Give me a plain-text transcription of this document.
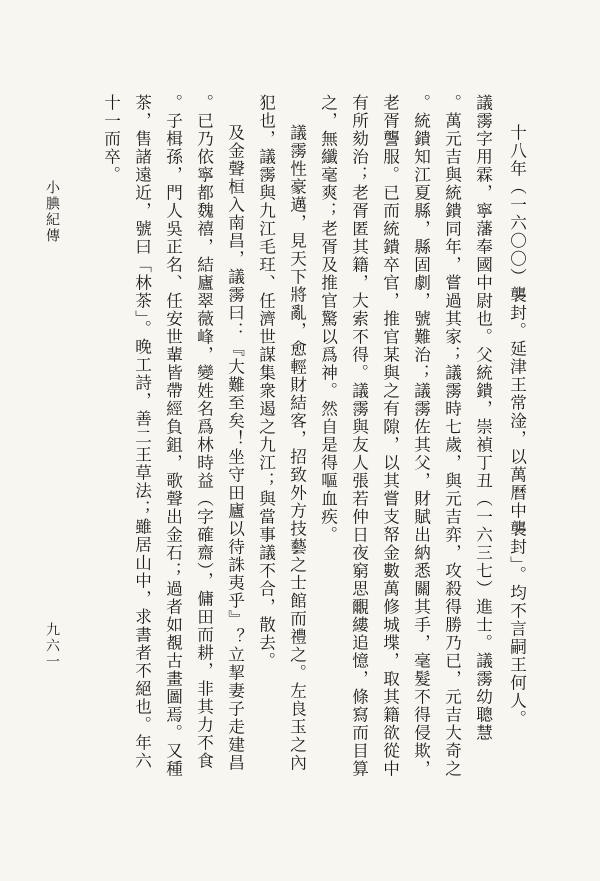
十八年（一六〇〇）襲封。延津王常淦，以萬曆中襲封」。均不言嗣王何人。
議霶字用霖，寧藩奉國中尉也。父統鐀，崇禎丁丑（一六三七）進士。議霶幼聰慧
。萬元吉與統鐀同年，嘗過其家；議霶時七歲，與元吉弈，攻殺得勝乃已，元吉大奇之
。統鐀知江夏縣，縣固劇，號難治；議霶佐其父，財賦出納悉關其手，毫髮不得侵欺，
老胥讋服。已而統鐀卒官，推官某與之有隙，以其嘗支帑金數萬修城堞，取其籍欲從中
有所劾治；老胥匿其籍，大索不得。議霶與友人張若仲日夜窮思覼縷追憶，條寫而目算
之，無纖毫爽；老胥及推官驚以爲神。然自是得嘔血疾。
議霶性豪邁，見天下將亂，愈輕財結客，招致外方技藝之士館而禮之。左良玉之內
犯也，議霶與九江毛玨、任濟世謀集衆遏之九江；與當事議不合，散去。
及金聲桓入南昌，議霶曰：『大難至矣！坐守田廬以待誅夷乎』？立挈妻子走建昌
。已乃依寧都魏禧，結廬翠薇峰，變姓名爲林時益（字確齋），傭田而耕，非其力不食
。子楫孫，門人吳正名、任安世輩皆帶經負鉏，歌聲出金石；過者如覩古畫圖焉。又種
茶，售諸遠近，號曰「林茶」。晚工詩，善二王草法；雖居山中，求書者不絕也。年六
十一而卒。
小腆紀傳
九六一
